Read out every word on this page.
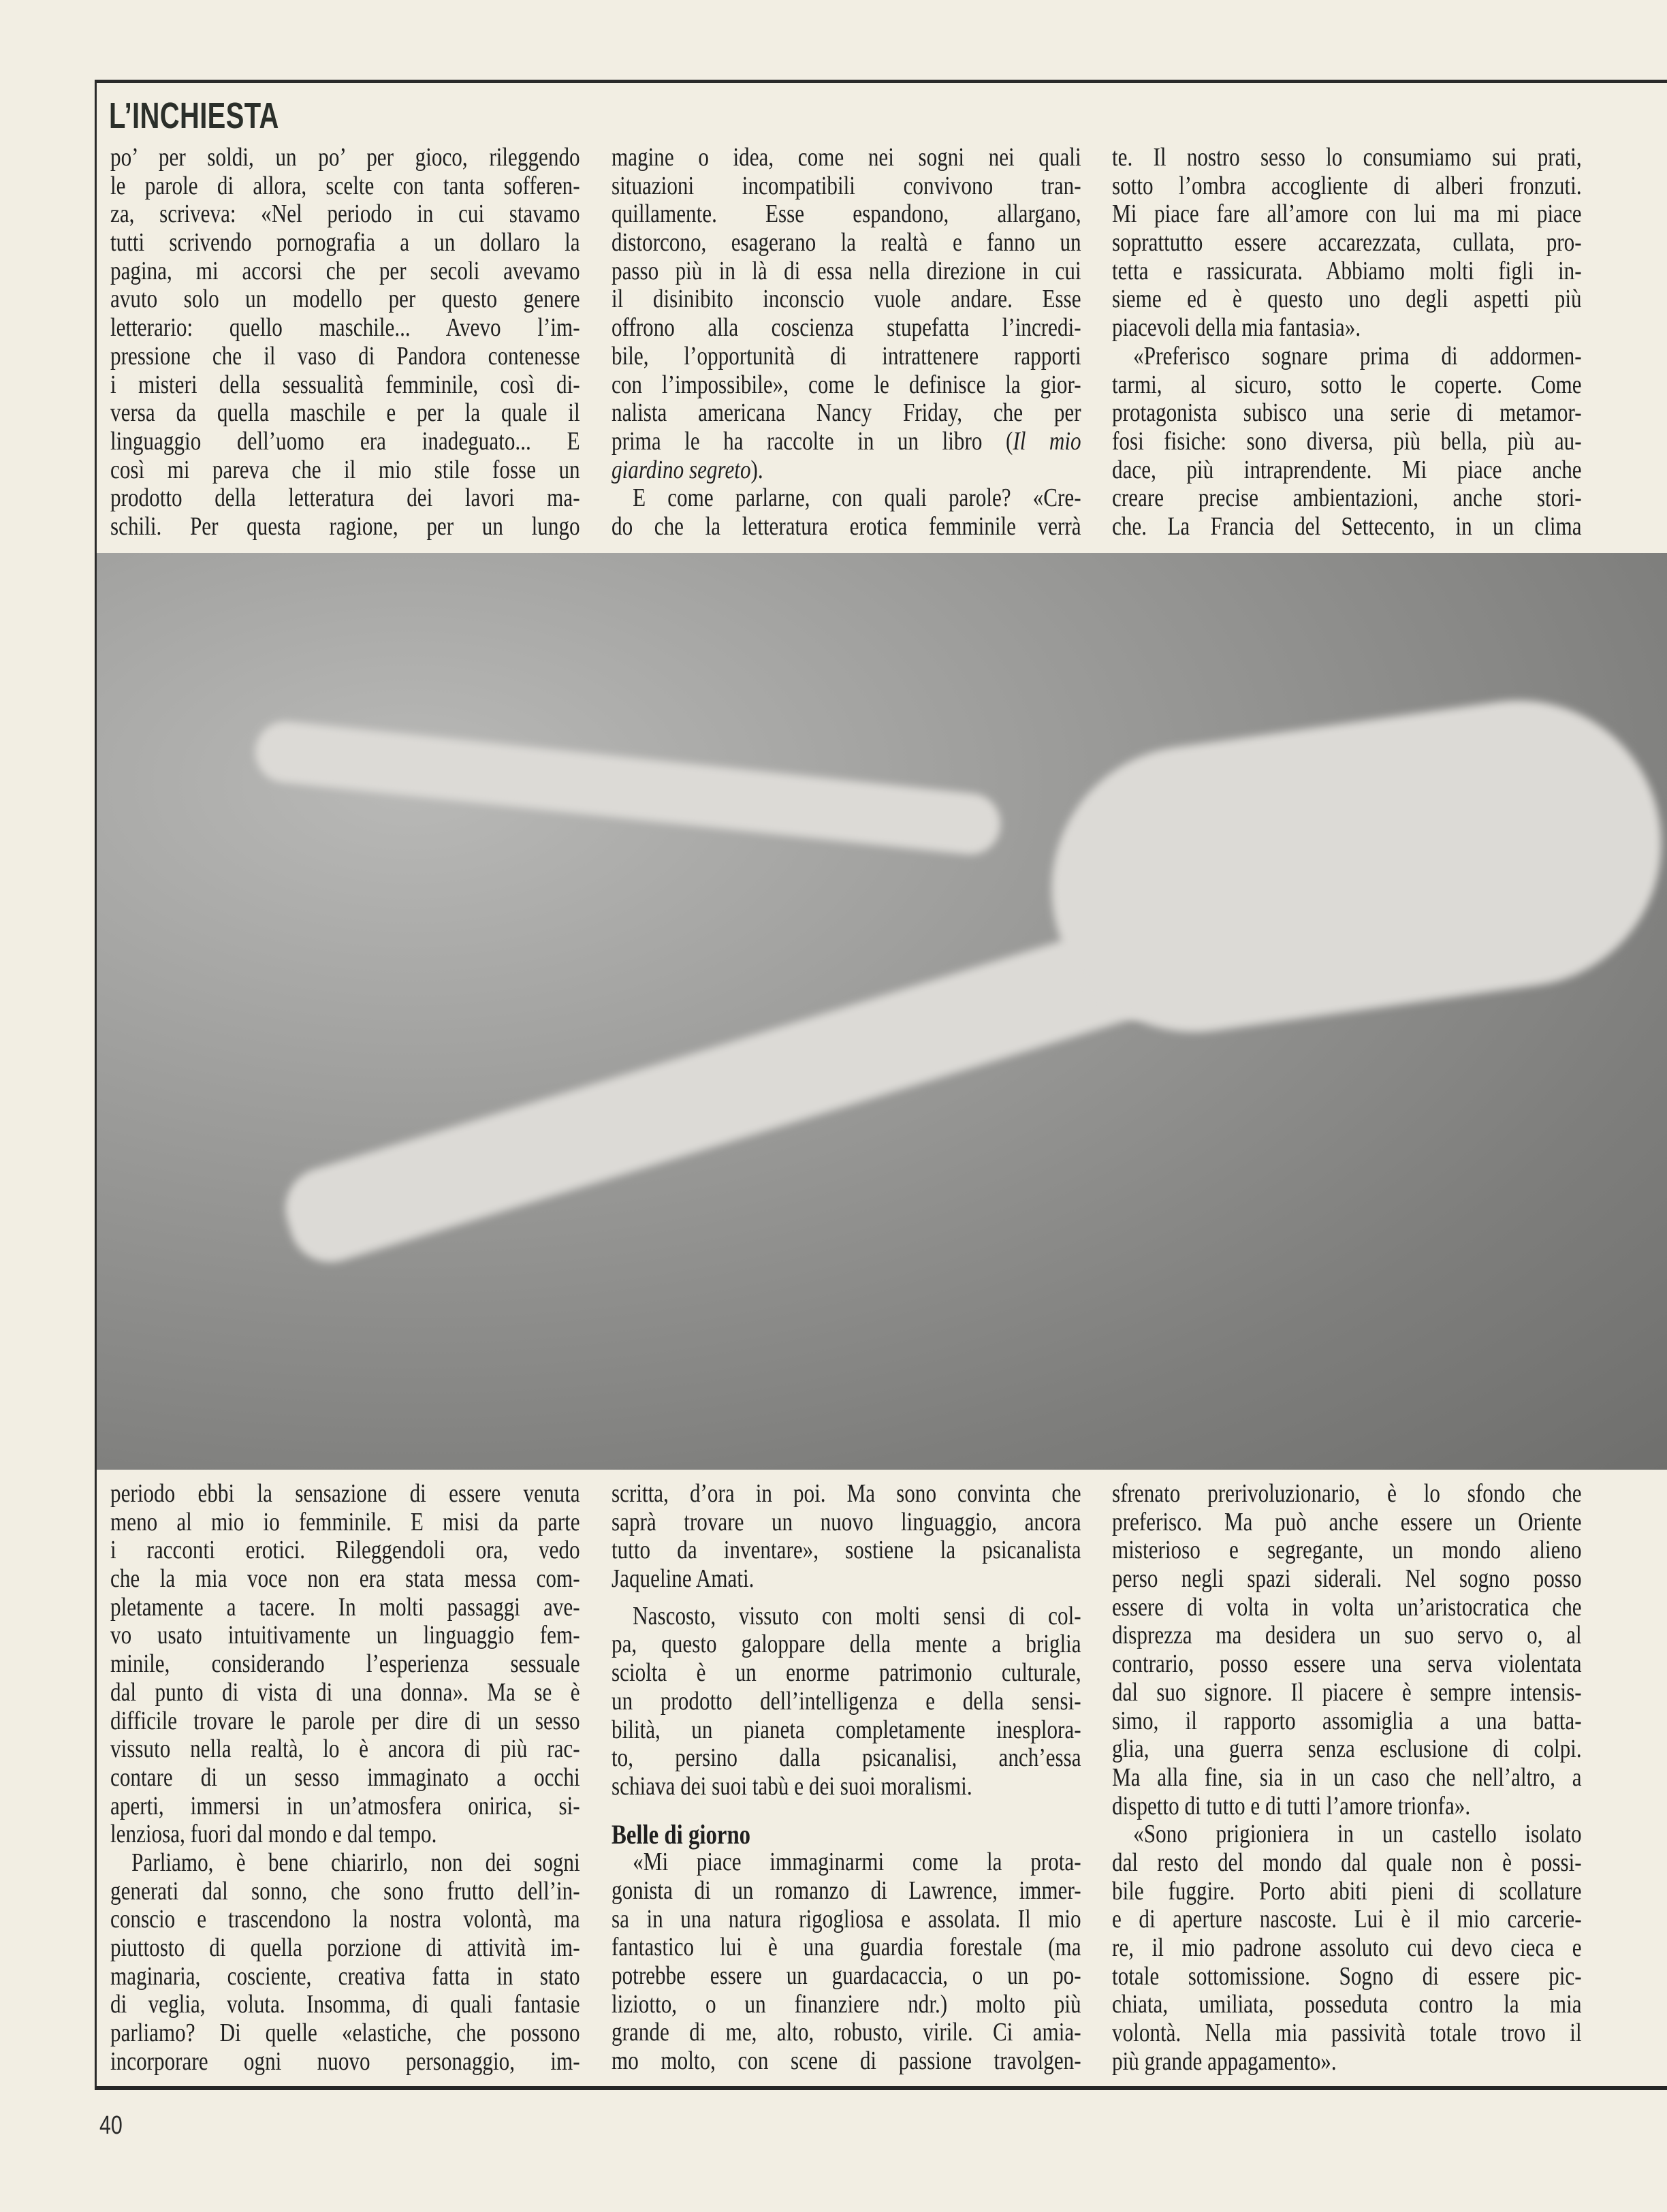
L’INCHIESTA
po’ per soldi, un po’ per gioco, rileggendo
le parole di allora, scelte con tanta sofferen-
za, scriveva: «Nel periodo in cui stavamo
tutti scrivendo pornografia a un dollaro la
pagina, mi accorsi che per secoli avevamo
avuto solo un modello per questo genere
letterario: quello maschile... Avevo l’im-
pressione che il vaso di Pandora contenesse
i misteri della sessualità femminile, così di-
versa da quella maschile e per la quale il
linguaggio dell’uomo era inadeguato... E
così mi pareva che il mio stile fosse un
prodotto della letteratura dei lavori ma-
schili. Per questa ragione, per un lungo
magine o idea, come nei sogni nei quali
situazioni incompatibili convivono tran-
quillamente. Esse espandono, allargano,
distorcono, esagerano la realtà e fanno un
passo più in là di essa nella direzione in cui
il disinibito inconscio vuole andare. Esse
offrono alla coscienza stupefatta l’incredi-
bile, l’opportunità di intrattenere rapporti
con l’impossibile», come le definisce la gior-
nalista americana Nancy Friday, che per
prima le ha raccolte in un libro (Il mio
giardino segreto).
E come parlarne, con quali parole? «Cre-
do che la letteratura erotica femminile verrà
te. Il nostro sesso lo consumiamo sui prati,
sotto l’ombra accogliente di alberi fronzuti.
Mi piace fare all’amore con lui ma mi piace
soprattutto essere accarezzata, cullata, pro-
tetta e rassicurata. Abbiamo molti figli in-
sieme ed è questo uno degli aspetti più
piacevoli della mia fantasia».
«Preferisco sognare prima di addormen-
tarmi, al sicuro, sotto le coperte. Come
protagonista subisco una serie di metamor-
fosi fisiche: sono diversa, più bella, più au-
dace, più intraprendente. Mi piace anche
creare precise ambientazioni, anche stori-
che. La Francia del Settecento, in un clima
periodo ebbi la sensazione di essere venuta
meno al mio io femminile. E misi da parte
i racconti erotici. Rileggendoli ora, vedo
che la mia voce non era stata messa com-
pletamente a tacere. In molti passaggi ave-
vo usato intuitivamente un linguaggio fem-
minile, considerando l’esperienza sessuale
dal punto di vista di una donna». Ma se è
difficile trovare le parole per dire di un sesso
vissuto nella realtà, lo è ancora di più rac-
contare di un sesso immaginato a occhi
aperti, immersi in un’atmosfera onirica, si-
lenziosa, fuori dal mondo e dal tempo.
Parliamo, è bene chiarirlo, non dei sogni
generati dal sonno, che sono frutto dell’in-
conscio e trascendono la nostra volontà, ma
piuttosto di quella porzione di attività im-
maginaria, cosciente, creativa fatta in stato
di veglia, voluta. Insomma, di quali fantasie
parliamo? Di quelle «elastiche, che possono
incorporare ogni nuovo personaggio, im-
scritta, d’ora in poi. Ma sono convinta che
saprà trovare un nuovo linguaggio, ancora
tutto da inventare», sostiene la psicanalista
Jaqueline Amati.
Nascosto, vissuto con molti sensi di col-
pa, questo galoppare della mente a briglia
sciolta è un enorme patrimonio culturale,
un prodotto dell’intelligenza e della sensi-
bilità, un pianeta completamente inesplora-
to, persino dalla psicanalisi, anch’essa
schiava dei suoi tabù e dei suoi moralismi.
Belle di giorno
«Mi piace immaginarmi come la prota-
gonista di un romanzo di Lawrence, immer-
sa in una natura rigogliosa e assolata. Il mio
fantastico lui è una guardia forestale (ma
potrebbe essere un guardacaccia, o un po-
liziotto, o un finanziere ndr.) molto più
grande di me, alto, robusto, virile. Ci amia-
mo molto, con scene di passione travolgen-
sfrenato prerivoluzionario, è lo sfondo che
preferisco. Ma può anche essere un Oriente
misterioso e segregante, un mondo alieno
perso negli spazi siderali. Nel sogno posso
essere di volta in volta un’aristocratica che
disprezza ma desidera un suo servo o, al
contrario, posso essere una serva violentata
dal suo signore. Il piacere è sempre intensis-
simo, il rapporto assomiglia a una batta-
glia, una guerra senza esclusione di colpi.
Ma alla fine, sia in un caso che nell’altro, a
dispetto di tutto e di tutti l’amore trionfa».
«Sono prigioniera in un castello isolato
dal resto del mondo dal quale non è possi-
bile fuggire. Porto abiti pieni di scollature
e di aperture nascoste. Lui è il mio carcerie-
re, il mio padrone assoluto cui devo cieca e
totale sottomissione. Sogno di essere pic-
chiata, umiliata, posseduta contro la mia
volontà. Nella mia passività totale trovo il
più grande appagamento».
40
